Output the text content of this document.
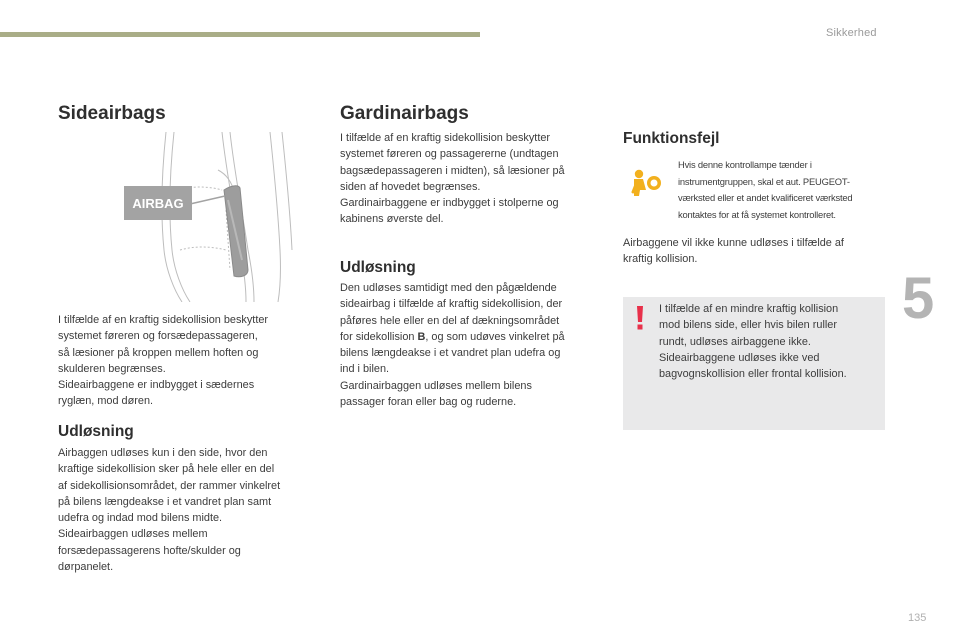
Sikkerhed
5
135
Sideairbags
AIRBAG

I tilfælde af en kraftig sidekollision beskytter
systemet føreren og forsædepassageren,
så læsioner på kroppen mellem hoften og
skulderen begrænses.
Sideairbaggene er indbygget i sædernes
ryglæn, mod døren.

Udløsning

Airbaggen udløses kun i den side, hvor den
kraftige sidekollision sker på hele eller en del
af sidekollisionsområdet, der rammer vinkelret
på bilens længdeakse i et vandret plan samt
udefra og indad mod bilens midte.
Sideairbaggen udløses mellem
forsædepassagerens hofte/skulder og
dørpanelet.

Gardinairbags

I tilfælde af en kraftig sidekollision beskytter
systemet føreren og passagererne (undtagen
bagsædepassageren i midten), så læsioner på
siden af hovedet begrænses.
Gardinairbaggene er indbygget i stolperne og
kabinens øverste del.

Udløsning

Den udløses samtidigt med den pågældende
sideairbag i tilfælde af kraftig sidekollision, der
påføres hele eller en del af dækningsområdet
for sidekollision B, og som udøves vinkelret på
bilens længdeakse i et vandret plan udefra og
ind i bilen.
Gardinairbaggen udløses mellem bilens
passager foran eller bag og ruderne.

Funktionsfejl

Hvis denne kontrollampe tænder i
instrumentgruppen, skal et aut. PEUGEOT-
værksted eller et andet kvalificeret værksted
kontaktes for at få systemet kontrolleret.

Airbaggene vil ikke kunne udløses i tilfælde af
kraftig kollision.

I tilfælde af en mindre kraftig kollision
mod bilens side, eller hvis bilen ruller
rundt, udløses airbaggene ikke.
Sideairbaggene udløses ikke ved
bagvognskollision eller frontal kollision.
